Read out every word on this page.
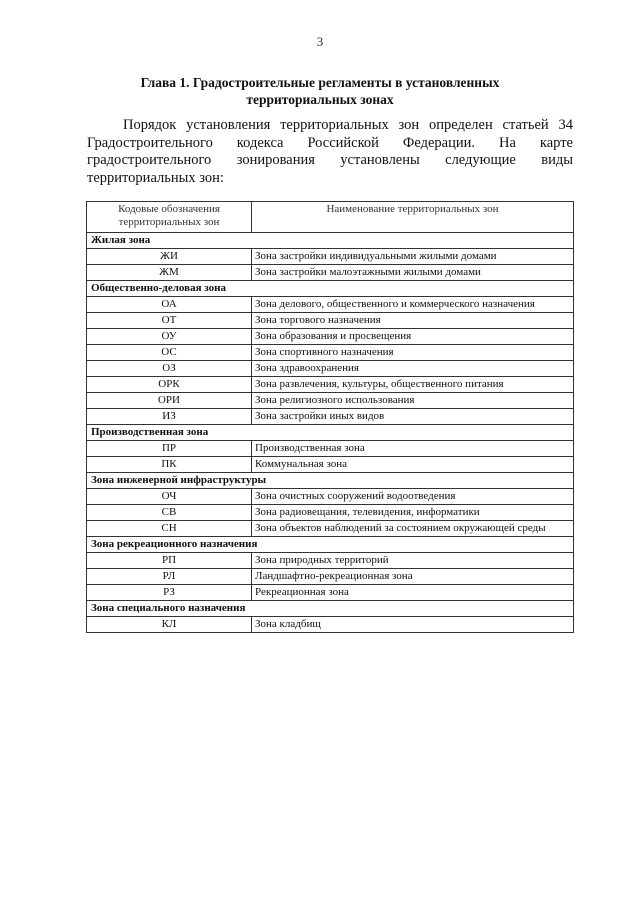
3
Глава 1. Градостроительные регламенты в установленных
территориальных зонах

Порядок установления территориальных зон определен статьей 34 Градостроительного кодекса Российской Федерации. На карте градостроительного зонирования установлены следующие виды территориальных зон:

Кодовые обозначения территориальных зон	Наименование территориальных зон
Жилая зона	
ЖИ	Зона застройки индивидуальными жилыми домами
ЖМ	Зона застройки малоэтажными жилыми домами
Общественно-деловая зона	
ОА	Зона делового, общественного и коммерческого назначения
ОТ	Зона торгового назначения
ОУ	Зона образования и просвещения
ОС	Зона спортивного назначения
ОЗ	Зона здравоохранения
ОРК	Зона развлечения, культуры, общественного питания
ОРИ	Зона религиозного использования
ИЗ	Зона застройки иных видов
Производственная зона	
ПР	Производственная зона
ПК	Коммунальная зона
Зона инженерной инфраструктуры	
ОЧ	Зона очистных сооружений водоотведения
СВ	Зона радиовещания, телевидения, информатики
СН	Зона объектов наблюдений за состоянием окружающей среды
Зона рекреационного назначения	
РП	Зона природных территорий
РЛ	Ландшафтно-рекреационная зона
РЗ	Рекреационная зона
Зона специального назначения	
КЛ	Зона кладбищ
